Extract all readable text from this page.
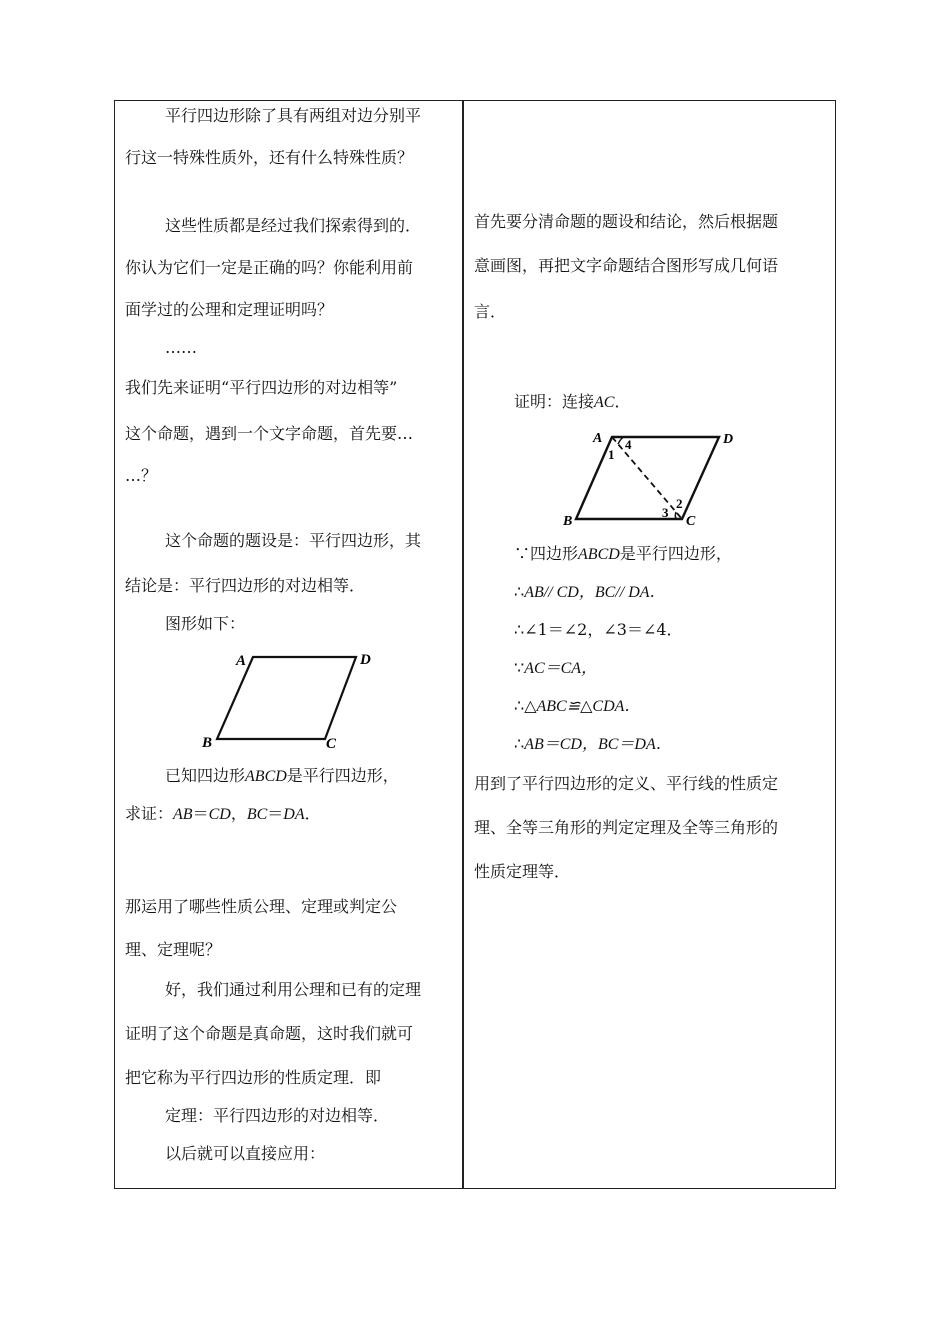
平行四边形除了具有两组对边分别平
行这一特殊性质外，还有什么特殊性质？
这些性质都是经过我们探索得到的．
你认为它们一定是正确的吗？你能利用前
面学过的公理和定理证明吗？
……
我们先来证明“平行四边形的对边相等”
这个命题，遇到一个文字命题，首先要…
…？
这个命题的题设是：平行四边形，其
结论是：平行四边形的对边相等．
图形如下：
A	D
B	C
已知四边形ABCD是平行四边形，
求证：AB＝CD，BC＝DA．
那运用了哪些性质公理、定理或判定公
理、定理呢？
好，我们通过利用公理和已有的定理
证明了这个命题是真命题，这时我们就可
把它称为平行四边形的性质定理．即
定理：平行四边形的对边相等．
以后就可以直接应用：
首先要分清命题的题设和结论，然后根据题
意画图，再把文字命题结合图形写成几何语
言．
证明：连接AC．
A	D
B	C
4
1
2
3
∵四边形ABCD是平行四边形，
∴AB// CD，BC// DA．
∴∠1＝∠2，∠3＝∠4．
∵AC＝CA，
∴△ABC≌△CDA．
∴AB＝CD，BC＝DA．
用到了平行四边形的定义、平行线的性质定
理、全等三角形的判定定理及全等三角形的
性质定理等．
